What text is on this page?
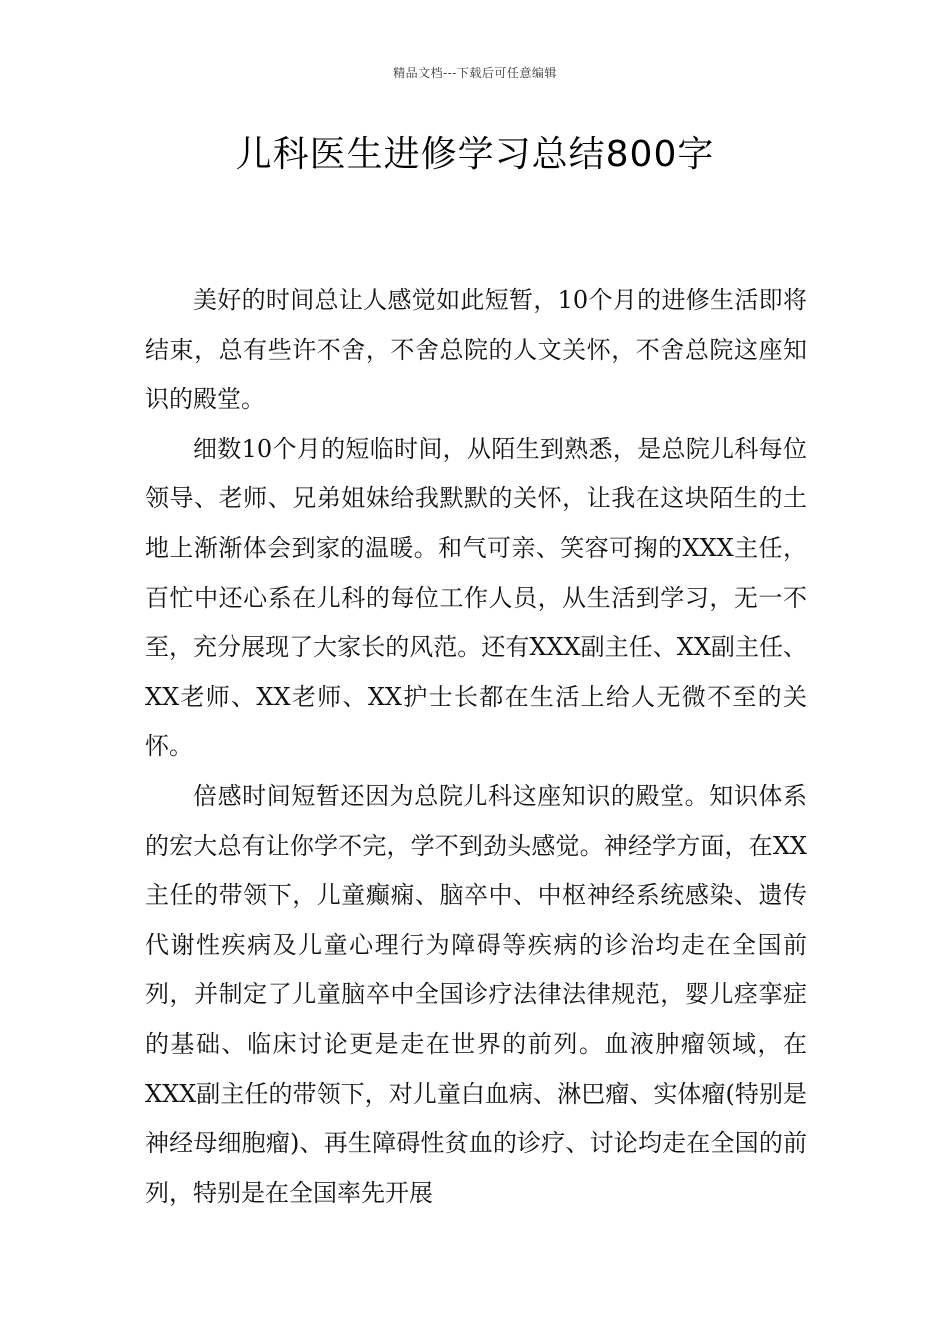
精品文档---下载后可任意编辑
儿科医生进修学习总结800字

美好的时间总让人感觉如此短暂，10个月的进修生活即将结束，总有些许不舍，不舍总院的人文关怀，不舍总院这座知识的殿堂。

细数10个月的短临时间，从陌生到熟悉，是总院儿科每位领导、老师、兄弟姐妹给我默默的关怀，让我在这块陌生的土地上渐渐体会到家的温暖。和气可亲、笑容可掬的XXX主任，百忙中还心系在儿科的每位工作人员，从生活到学习，无一不至，充分展现了大家长的风范。还有XXX副主任、XX副主任、XX老师、XX老师、XX护士长都在生活上给人无微不至的关怀。

倍感时间短暂还因为总院儿科这座知识的殿堂。知识体系的宏大总有让你学不完，学不到劲头感觉。神经学方面，在XX主任的带领下，儿童癫痫、脑卒中、中枢神经系统感染、遗传代谢性疾病及儿童心理行为障碍等疾病的诊治均走在全国前列，并制定了儿童脑卒中全国诊疗法律法律规范，婴儿痉挛症的基础、临床讨论更是走在世界的前列。血液肿瘤领域，在XXX副主任的带领下，对儿童白血病、淋巴瘤、实体瘤(特别是神经母细胞瘤)、再生障碍性贫血的诊疗、讨论均走在全国的前列，特别是在全国率先开展
